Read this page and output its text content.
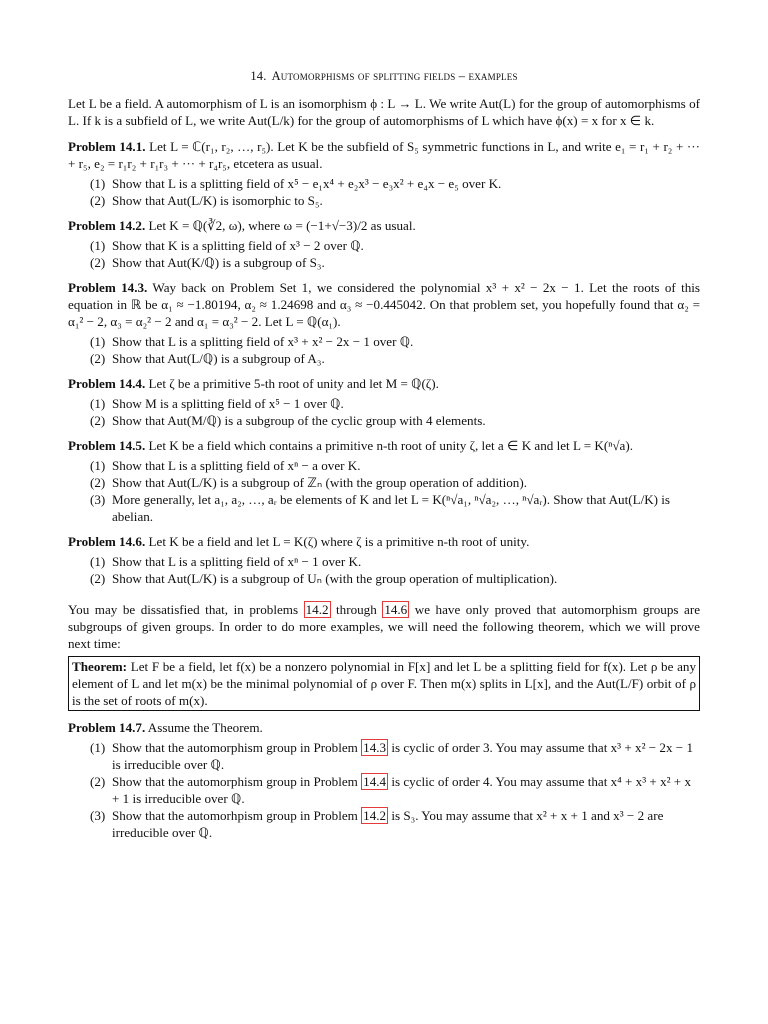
14. Automorphisms of splitting fields – examples

Let L be a field. A automorphism of L is an isomorphism ϕ : L → L. We write Aut(L) for the group of automorphisms of L. If k is a subfield of L, we write Aut(L/k) for the group of automorphisms of L which have ϕ(x) = x for x ∈ k.

Problem 14.1. Let L = ℂ(r₁, r₂, …, r₅). Let K be the subfield of S₅ symmetric functions in L, and write e₁ = r₁ + r₂ + ··· + r₅, e₂ = r₁r₂ + r₁r₃ + ··· + r₄r₅, etcetera as usual.

(1) Show that L is a splitting field of x⁵ − e₁x⁴ + e₂x³ − e₃x² + e₄x − e₅ over K.
(2) Show that Aut(L/K) is isomorphic to S₅.

Problem 14.2. Let K = ℚ(∛2, ω), where ω = (−1+√−3)/2 as usual.

(1) Show that K is a splitting field of x³ − 2 over ℚ.
(2) Show that Aut(K/ℚ) is a subgroup of S₃.

Problem 14.3. Way back on Problem Set 1, we considered the polynomial x³ + x² − 2x − 1. Let the roots of this equation in ℝ be α₁ ≈ −1.80194, α₂ ≈ 1.24698 and α₃ ≈ −0.445042. On that problem set, you hopefully found that α₂ = α₁² − 2, α₃ = α₂² − 2 and α₁ = α₃² − 2. Let L = ℚ(α₁).

(1) Show that L is a splitting field of x³ + x² − 2x − 1 over ℚ.
(2) Show that Aut(L/ℚ) is a subgroup of A₃.

Problem 14.4. Let ζ be a primitive 5-th root of unity and let M = ℚ(ζ).

(1) Show M is a splitting field of x⁵ − 1 over ℚ.
(2) Show that Aut(M/ℚ) is a subgroup of the cyclic group with 4 elements.

Problem 14.5. Let K be a field which contains a primitive n-th root of unity ζ, let a ∈ K and let L = K(ⁿ√a).

(1) Show that L is a splitting field of xⁿ − a over K.
(2) Show that Aut(L/K) is a subgroup of ℤₙ (with the group operation of addition).
(3) More generally, let a₁, a₂, …, aᵣ be elements of K and let L = K(ⁿ√a₁, ⁿ√a₂, …, ⁿ√aᵣ). Show that Aut(L/K) is abelian.

Problem 14.6. Let K be a field and let L = K(ζ) where ζ is a primitive n-th root of unity.

(1) Show that L is a splitting field of xⁿ − 1 over K.
(2) Show that Aut(L/K) is a subgroup of Uₙ (with the group operation of multiplication).

You may be dissatisfied that, in problems 14.2 through 14.6 we have only proved that automorphism groups are subgroups of given groups. In order to do more examples, we will need the following theorem, which we will prove next time:

Theorem: Let F be a field, let f(x) be a nonzero polynomial in F[x] and let L be a splitting field for f(x). Let ρ be any element of L and let m(x) be the minimal polynomial of ρ over F. Then m(x) splits in L[x], and the Aut(L/F) orbit of ρ is the set of roots of m(x).

Problem 14.7. Assume the Theorem.

(1) Show that the automorphism group in Problem 14.3 is cyclic of order 3. You may assume that x³ + x² − 2x − 1 is irreducible over ℚ.
(2) Show that the automorphism group in Problem 14.4 is cyclic of order 4. You may assume that x⁴ + x³ + x² + x + 1 is irreducible over ℚ.
(3) Show that the automorhpism group in Problem 14.2 is S₃. You may assume that x² + x + 1 and x³ − 2 are irreducible over ℚ.
